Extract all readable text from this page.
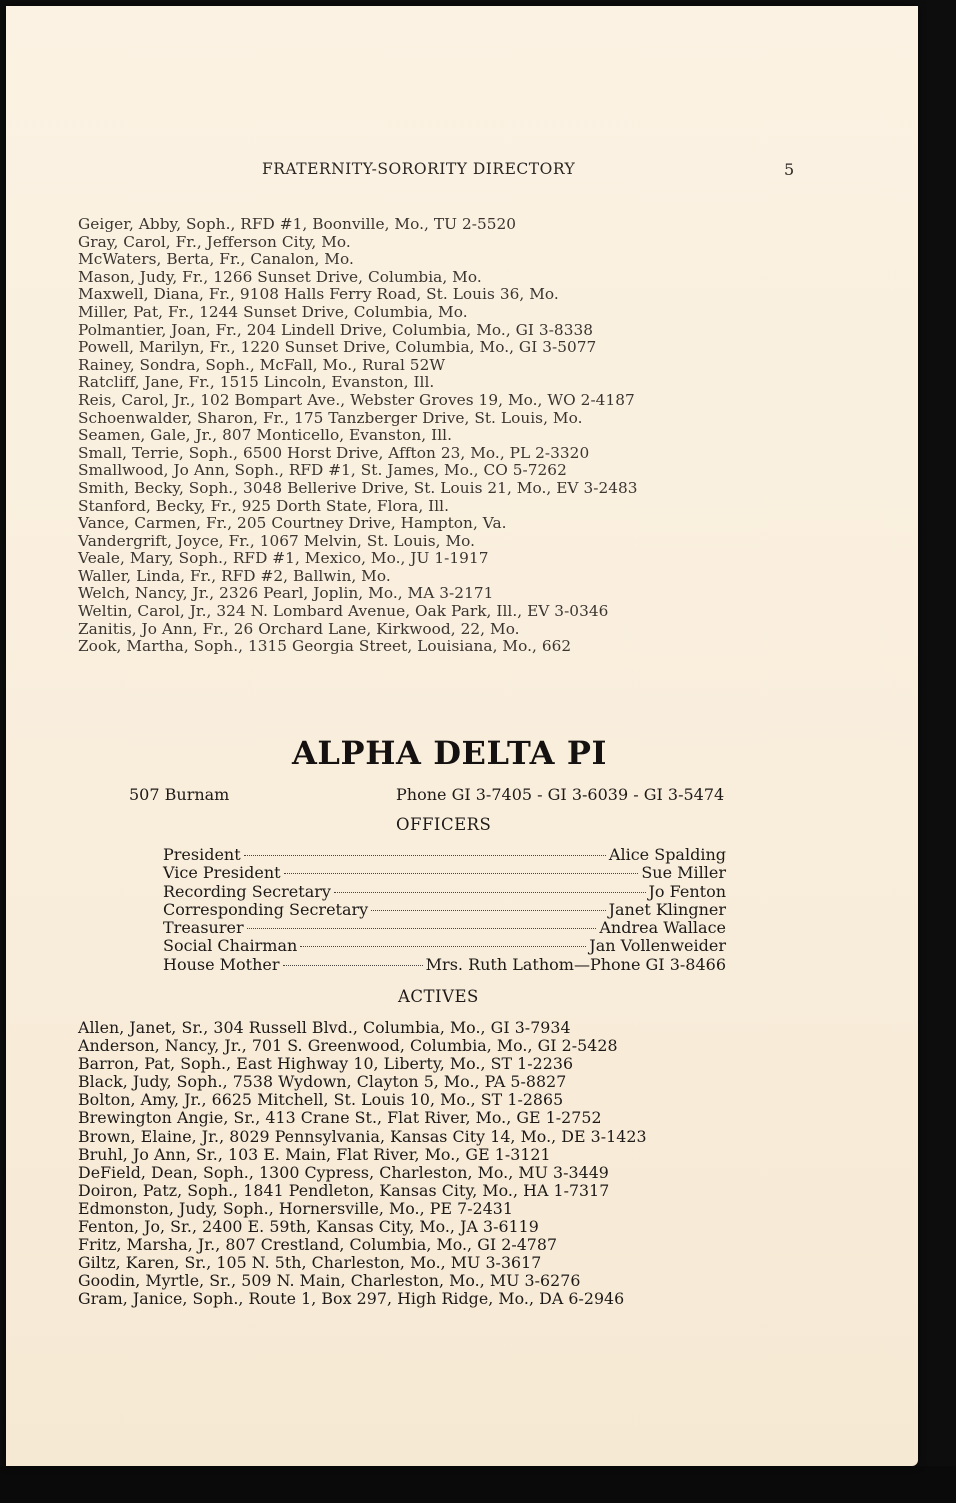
FRATERNITY-SORORITY DIRECTORY	5
Geiger, Abby, Soph., RFD #1, Boonville, Mo., TU 2-5520
Gray, Carol, Fr., Jefferson City, Mo.
McWaters, Berta, Fr., Canalon, Mo.
Mason, Judy, Fr., 1266 Sunset Drive, Columbia, Mo.
Maxwell, Diana, Fr., 9108 Halls Ferry Road, St. Louis 36, Mo.
Miller, Pat, Fr., 1244 Sunset Drive, Columbia, Mo.
Polmantier, Joan, Fr., 204 Lindell Drive, Columbia, Mo., GI 3-8338
Powell, Marilyn, Fr., 1220 Sunset Drive, Columbia, Mo., GI 3-5077
Rainey, Sondra, Soph., McFall, Mo., Rural 52W
Ratcliff, Jane, Fr., 1515 Lincoln, Evanston, Ill.
Reis, Carol, Jr., 102 Bompart Ave., Webster Groves 19, Mo., WO 2-4187
Schoenwalder, Sharon, Fr., 175 Tanzberger Drive, St. Louis, Mo.
Seamen, Gale, Jr., 807 Monticello, Evanston, Ill.
Small, Terrie, Soph., 6500 Horst Drive, Affton 23, Mo., PL 2-3320
Smallwood, Jo Ann, Soph., RFD #1, St. James, Mo., CO 5-7262
Smith, Becky, Soph., 3048 Bellerive Drive, St. Louis 21, Mo., EV 3-2483
Stanford, Becky, Fr., 925 Dorth State, Flora, Ill.
Vance, Carmen, Fr., 205 Courtney Drive, Hampton, Va.
Vandergrift, Joyce, Fr., 1067 Melvin, St. Louis, Mo.
Veale, Mary, Soph., RFD #1, Mexico, Mo., JU 1-1917
Waller, Linda, Fr., RFD #2, Ballwin, Mo.
Welch, Nancy, Jr., 2326 Pearl, Joplin, Mo., MA 3-2171
Weltin, Carol, Jr., 324 N. Lombard Avenue, Oak Park, Ill., EV 3-0346
Zanitis, Jo Ann, Fr., 26 Orchard Lane, Kirkwood, 22, Mo.
Zook, Martha, Soph., 1315 Georgia Street, Louisiana, Mo., 662
ALPHA DELTA PI
507 Burnam	Phone GI 3-7405 - GI 3-6039 - GI 3-5474
OFFICERS
President	Alice Spalding
Vice President	Sue Miller
Recording Secretary	Jo Fenton
Corresponding Secretary	Janet Klingner
Treasurer	Andrea Wallace
Social Chairman	Jan Vollenweider
House Mother	Mrs. Ruth Lathom—Phone GI 3-8466
ACTIVES
Allen, Janet, Sr., 304 Russell Blvd., Columbia, Mo., GI 3-7934
Anderson, Nancy, Jr., 701 S. Greenwood, Columbia, Mo., GI 2-5428
Barron, Pat, Soph., East Highway 10, Liberty, Mo., ST 1-2236
Black, Judy, Soph., 7538 Wydown, Clayton 5, Mo., PA 5-8827
Bolton, Amy, Jr., 6625 Mitchell, St. Louis 10, Mo., ST 1-2865
Brewington Angie, Sr., 413 Crane St., Flat River, Mo., GE 1-2752
Brown, Elaine, Jr., 8029 Pennsylvania, Kansas City 14, Mo., DE 3-1423
Bruhl, Jo Ann, Sr., 103 E. Main, Flat River, Mo., GE 1-3121
DeField, Dean, Soph., 1300 Cypress, Charleston, Mo., MU 3-3449
Doiron, Patz, Soph., 1841 Pendleton, Kansas City, Mo., HA 1-7317
Edmonston, Judy, Soph., Hornersville, Mo., PE 7-2431
Fenton, Jo, Sr., 2400 E. 59th, Kansas City, Mo., JA 3-6119
Fritz, Marsha, Jr., 807 Crestland, Columbia, Mo., GI 2-4787
Giltz, Karen, Sr., 105 N. 5th, Charleston, Mo., MU 3-3617
Goodin, Myrtle, Sr., 509 N. Main, Charleston, Mo., MU 3-6276
Gram, Janice, Soph., Route 1, Box 297, High Ridge, Mo., DA 6-2946
